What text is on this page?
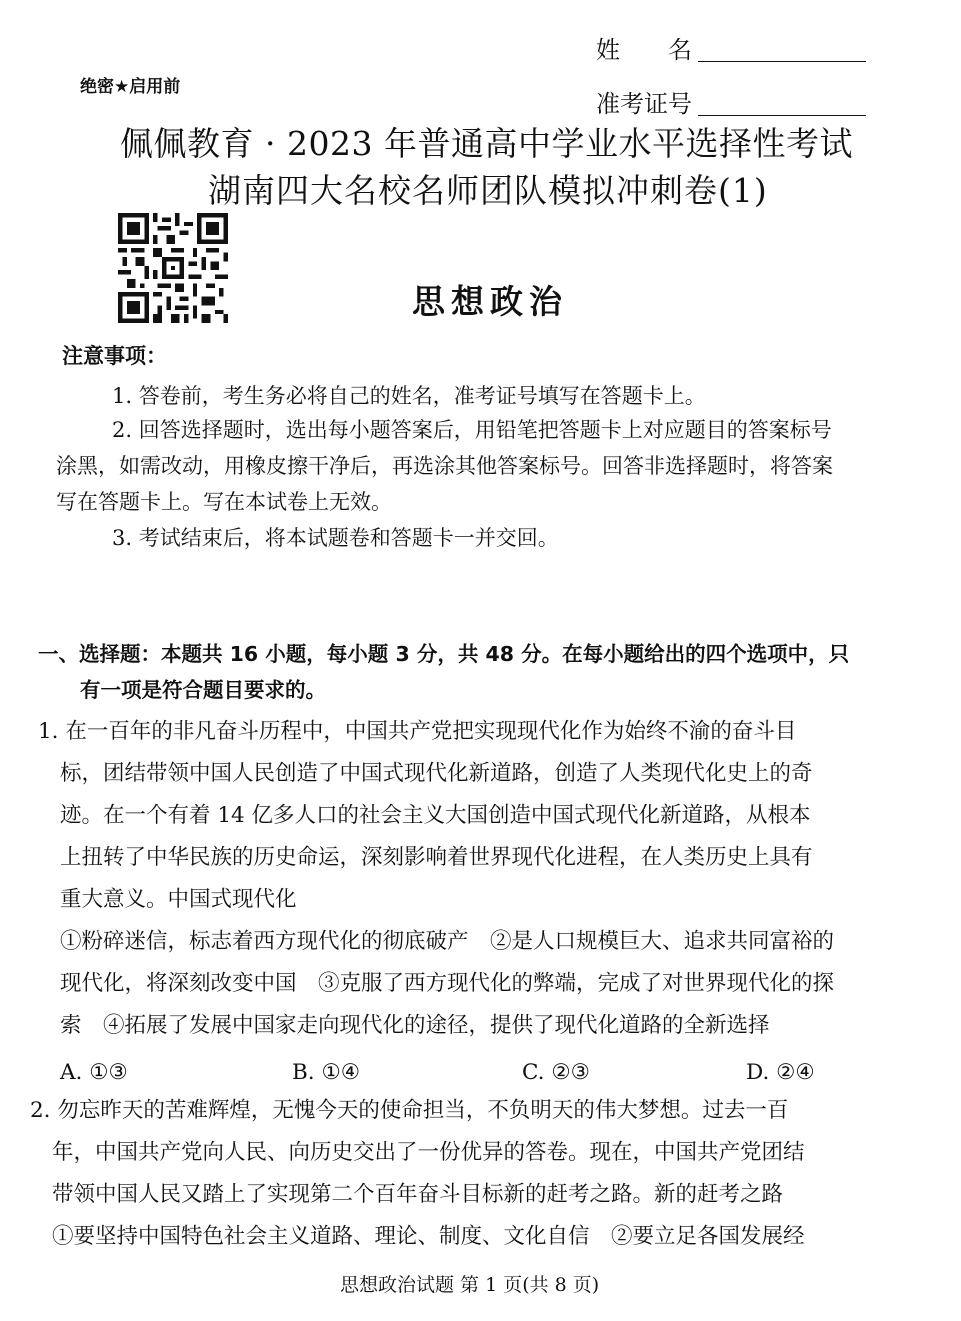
绝密★启用前
姓　　名
准考证号
佩佩教育 · 2023 年普通高中学业水平选择性考试
湖南四大名校名师团队模拟冲刺卷(1)
思想政治
注意事项：
1. 答卷前，考生务必将自己的姓名，准考证号填写在答题卡上。
2. 回答选择题时，选出每小题答案后，用铅笔把答题卡上对应题目的答案标号
涂黑，如需改动，用橡皮擦干净后，再选涂其他答案标号。回答非选择题时，将答案
写在答题卡上。写在本试卷上无效。
3. 考试结束后，将本试题卷和答题卡一并交回。
一、选择题：本题共 16 小题，每小题 3 分，共 48 分。在每小题给出的四个选项中，只
有一项是符合题目要求的。
1. 在一百年的非凡奋斗历程中，中国共产党把实现现代化作为始终不渝的奋斗目
标，团结带领中国人民创造了中国式现代化新道路，创造了人类现代化史上的奇
迹。在一个有着 14 亿多人口的社会主义大国创造中国式现代化新道路，从根本
上扭转了中华民族的历史命运，深刻影响着世界现代化进程，在人类历史上具有
重大意义。中国式现代化
①粉碎迷信，标志着西方现代化的彻底破产　②是人口规模巨大、追求共同富裕的
现代化，将深刻改变中国　③克服了西方现代化的弊端，完成了对世界现代化的探
索　④拓展了发展中国家走向现代化的途径，提供了现代化道路的全新选择
A. ①③	B. ①④	C. ②③	D. ②④
2. 勿忘昨天的苦难辉煌，无愧今天的使命担当，不负明天的伟大梦想。过去一百
年，中国共产党向人民、向历史交出了一份优异的答卷。现在，中国共产党团结
带领中国人民又踏上了实现第二个百年奋斗目标新的赶考之路。新的赶考之路
①要坚持中国特色社会主义道路、理论、制度、文化自信　②要立足各国发展经
思想政治试题 第 1 页(共 8 页)
